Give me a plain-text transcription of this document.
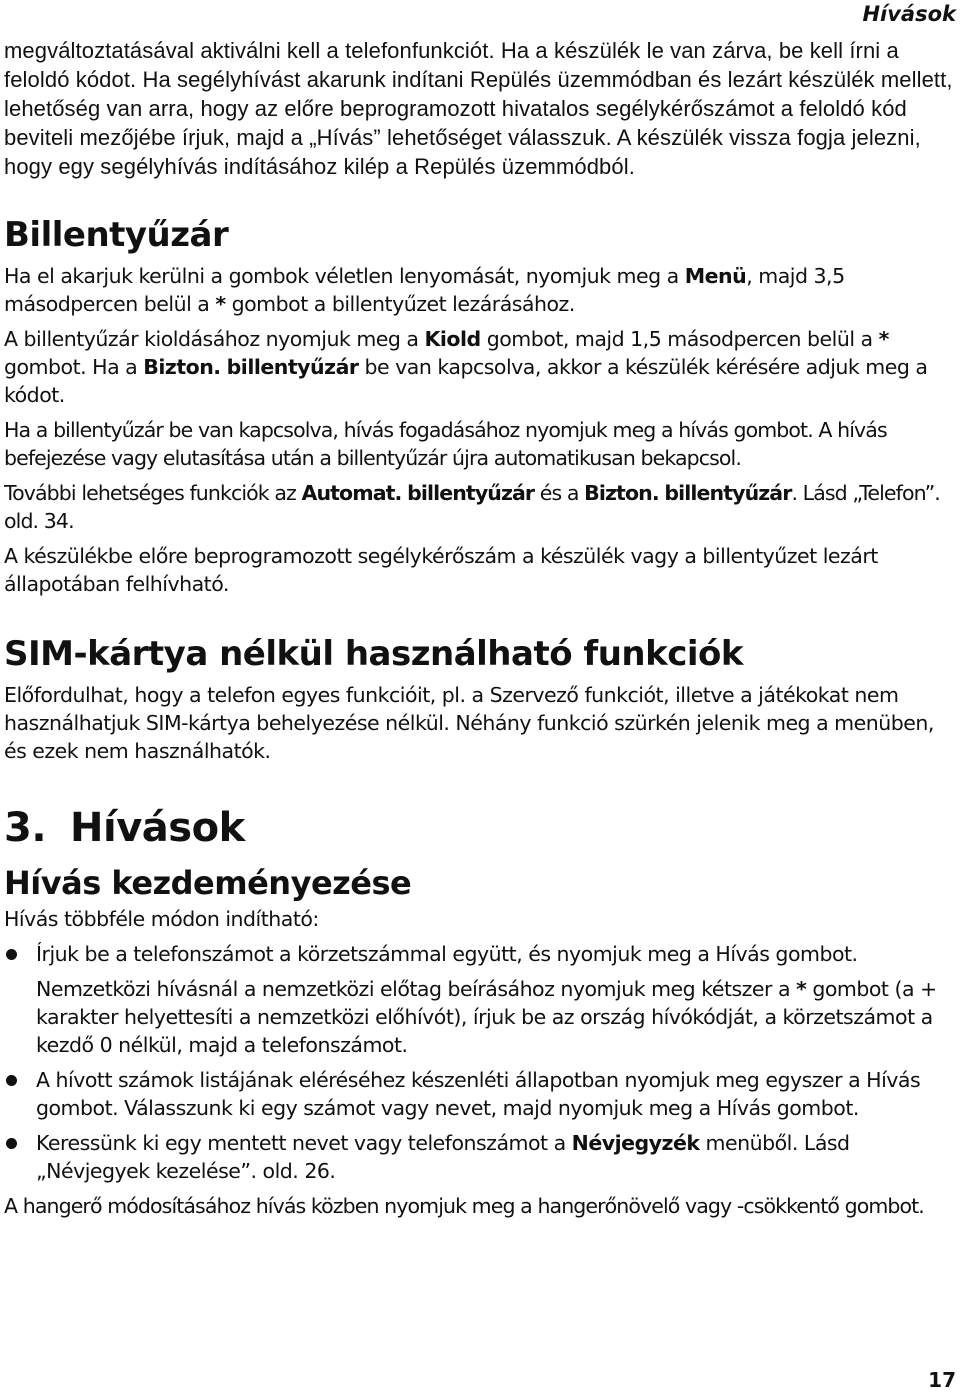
Hívások

megváltoztatásával aktiválni kell a telefonfunkciót. Ha a készülék le van zárva, be kell írni a feloldó kódot. Ha segélyhívást akarunk indítani Repülés üzemmódban és lezárt készülék mellett, lehetőség van arra, hogy az előre beprogramozott hivatalos segélykérőszámot a feloldó kód beviteli mezőjébe írjuk, majd a „Hívás” lehetőséget válasszuk. A készülék vissza fogja jelezni, hogy egy segélyhívás indításához kilép a Repülés üzemmódból.

Billentyűzár

Ha el akarjuk kerülni a gombok véletlen lenyomását, nyomjuk meg a Menü, majd 3,5 másodpercen belül a * gombot a billentyűzet lezárásához.

A billentyűzár kioldásához nyomjuk meg a Kiold gombot, majd 1,5 másodpercen belül a * gombot. Ha a Bizton. billentyűzár be van kapcsolva, akkor a készülék kérésére adjuk meg a kódot.

Ha a billentyűzár be van kapcsolva, hívás fogadásához nyomjuk meg a hívás gombot. A hívás befejezése vagy elutasítása után a billentyűzár újra automatikusan bekapcsol.

További lehetséges funkciók az Automat. billentyűzár és a Bizton. billentyűzár. Lásd „Telefon”. old. 34.

A készülékbe előre beprogramozott segélykérőszám a készülék vagy a billentyűzet lezárt állapotában felhívható.

SIM-kártya nélkül használható funkciók

Előfordulhat, hogy a telefon egyes funkcióit, pl. a Szervező funkciót, illetve a játékokat nem használhatjuk SIM-kártya behelyezése nélkül. Néhány funkció szürkén jelenik meg a menüben, és ezek nem használhatók.

3. Hívások
Hívás kezdeményezése

Hívás többféle módon indítható:

Írjuk be a telefonszámot a körzetszámmal együtt, és nyomjuk meg a Hívás gombot.

Nemzetközi hívásnál a nemzetközi előtag beírásához nyomjuk meg kétszer a * gombot (a + karakter helyettesíti a nemzetközi előhívót), írjuk be az ország hívókódját, a körzetszámot a kezdő 0 nélkül, majd a telefonszámot.

A hívott számok listájának eléréséhez készenléti állapotban nyomjuk meg egyszer a Hívás gombot. Válasszunk ki egy számot vagy nevet, majd nyomjuk meg a Hívás gombot.

Keressünk ki egy mentett nevet vagy telefonszámot a Névjegyzék menüből. Lásd „Névjegyek kezelése”. old. 26.

A hangerő módosításához hívás közben nyomjuk meg a hangerőnövelő vagy -csökkentő gombot.

17
